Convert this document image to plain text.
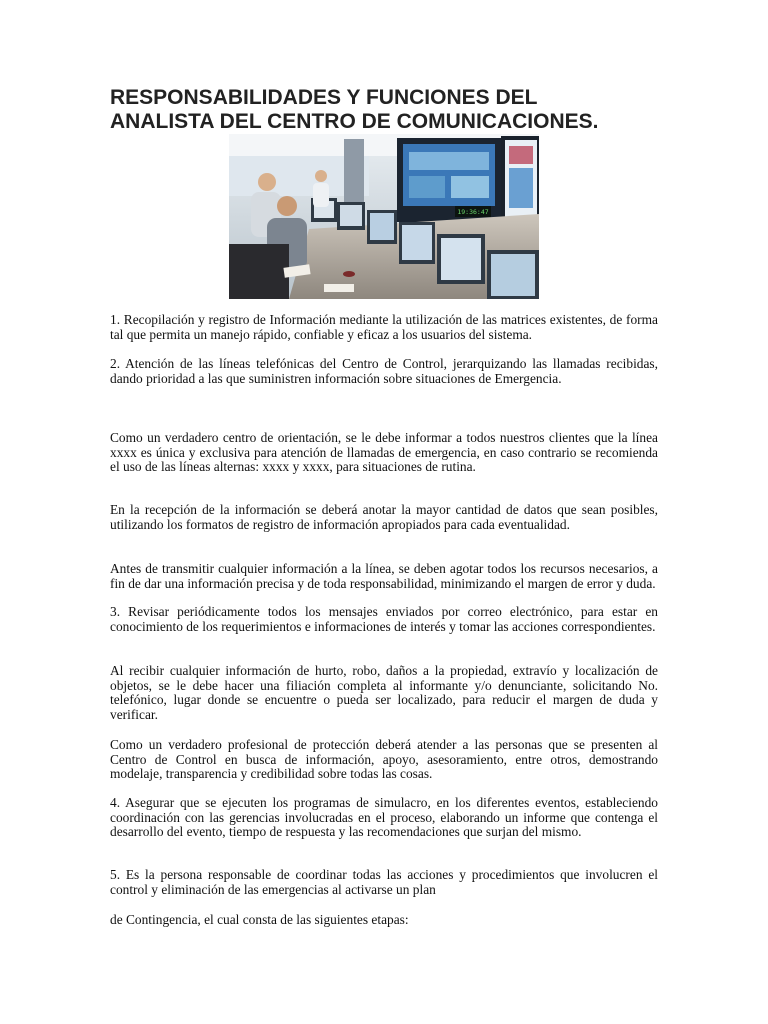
RESPONSABILIDADES Y FUNCIONES DEL
ANALISTA DEL CENTRO DE COMUNICACIONES.
19:36:47

1. Recopilación y registro de Información mediante la utilización de las matrices existentes, de forma tal que permita un manejo rápido, confiable y eficaz a los usuarios del sistema.

2. Atención de las líneas telefónicas del Centro de Control, jerarquizando las llamadas recibidas, dando prioridad a las que suministren información sobre situaciones de Emergencia.

Como un verdadero centro de orientación, se le debe informar a todos nuestros clientes que la línea xxxx es única y exclusiva para atención de llamadas de emergencia, en caso contrario se recomienda el uso de las líneas alternas: xxxx y xxxx, para situaciones de rutina.

En la recepción de la información se deberá anotar la mayor cantidad de datos que sean posibles, utilizando los formatos de registro de información apropiados para cada eventualidad.

Antes de transmitir cualquier información a la línea, se deben agotar todos los recursos necesarios, a fin de dar una información precisa y de toda responsabilidad, minimizando el margen de error y duda.

3. Revisar periódicamente todos los mensajes enviados por correo electrónico, para estar en conocimiento de los requerimientos e informaciones de interés y tomar las acciones correspondientes.

Al recibir cualquier información de hurto, robo, daños a la propiedad, extravío y localización de objetos, se le debe hacer una filiación completa al informante y/o denunciante, solicitando No. telefónico, lugar donde se encuentre o pueda ser localizado, para reducir el margen de duda y verificar.

Como un verdadero profesional de protección deberá atender a las personas que se presenten al Centro de Control en busca de información, apoyo, asesoramiento, entre otros, demostrando modelaje, transparencia y credibilidad sobre todas las cosas.

4. Asegurar que se ejecuten los programas de simulacro, en los diferentes eventos, estableciendo coordinación con las gerencias involucradas en el proceso, elaborando un informe que contenga el desarrollo del evento, tiempo de respuesta y las recomendaciones que surjan del mismo.

5. Es la persona responsable de coordinar todas las acciones y procedimientos que involucren el control y eliminación de las emergencias al activarse un plan

de Contingencia, el cual consta de las siguientes etapas:
